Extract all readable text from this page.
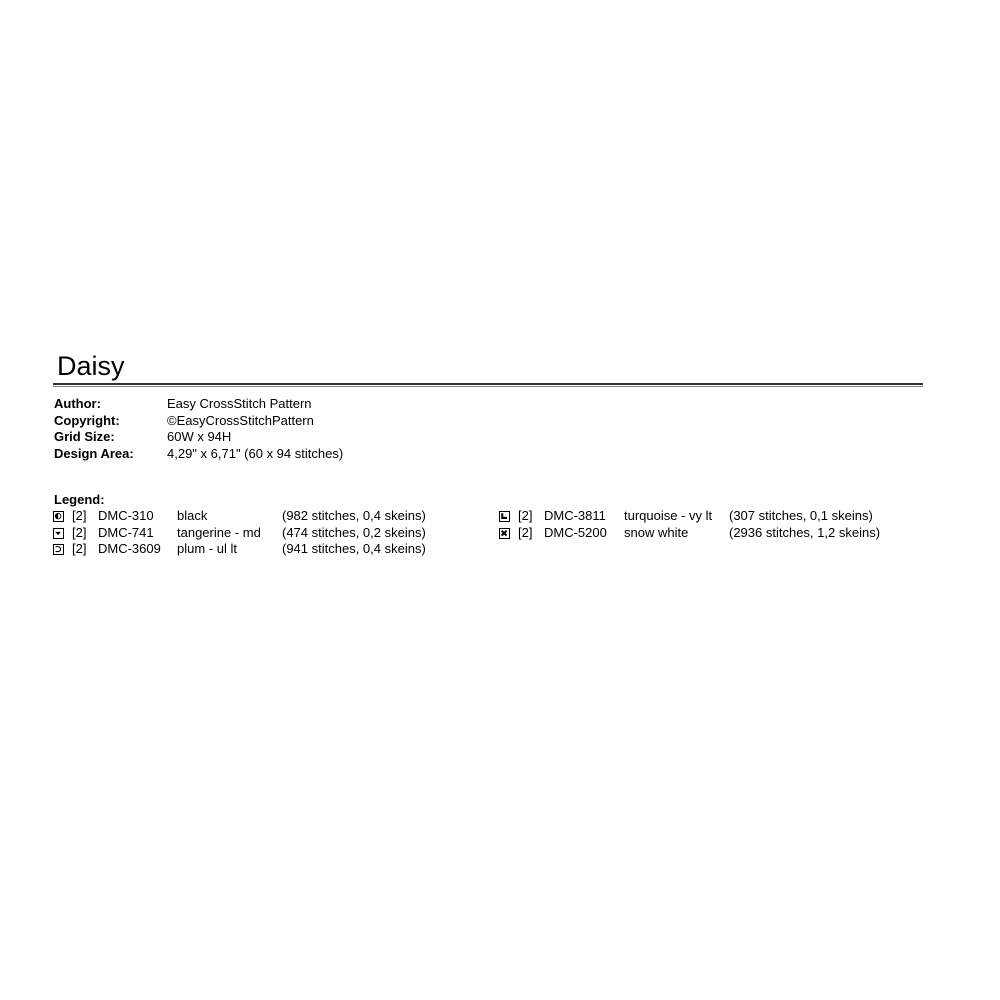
Daisy
Author:	Easy CrossStitch Pattern
Copyright:	©EasyCrossStitchPattern
Grid Size:	60W x 94H
Design Area:	4,29" x 6,71" (60 x 94 stitches)
Legend:
[2] DMC-310 black	(982 stitches, 0,4 skeins)
[2] DMC-741 tangerine - md (474 stitches, 0,2 skeins)
[2] DMC-3609 plum - ul lt	(941 stitches, 0,4 skeins)
[2] DMC-3811 turquoise - vy lt (307 stitches, 0,1 skeins)
[2] DMC-5200 snow white	(2936 stitches, 1,2 skeins)
